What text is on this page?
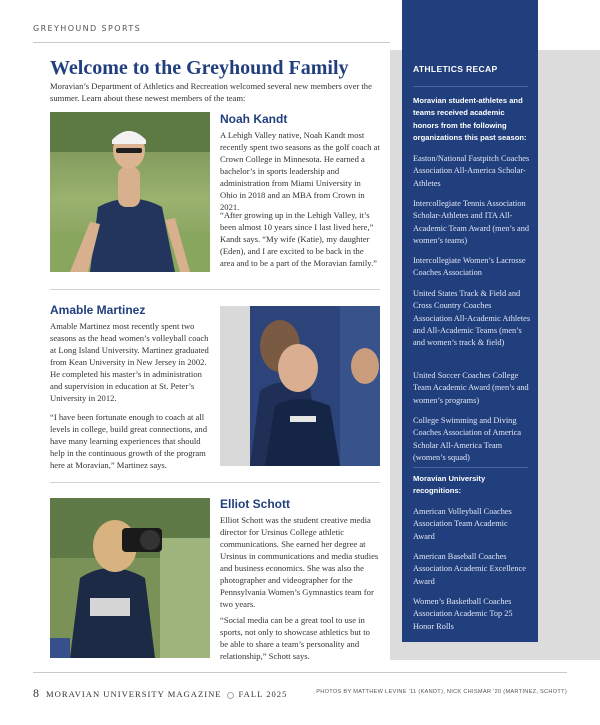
GREYHOUND SPORTS
Welcome to the Greyhound Family

Moravian’s Department of Athletics and Recreation welcomed several new members over the summer. Learn about these newest members of the team:

Noah Kandt

A Lehigh Valley native, Noah Kandt most recently spent two seasons as the golf coach at Crown College in Minnesota. He earned a bachelor’s in sports leadership and administration from Miami University in Ohio in 2018 and an MBA from Crown in 2021.

“After growing up in the Lehigh Valley, it’s been almost 10 years since I last lived here,” Kandt says. “My wife (Katie), my daughter (Eden), and I are excited to be back in the area and to be a part of the Moravian family.”

Amable Martinez

Amable Martinez most recently spent two seasons as the head women’s volleyball coach at Long Island University. Martinez graduated from Kean University in New Jersey in 2002. He completed his master’s in administration and supervision in education at St. Peter’s University in 2012.

“I have been fortunate enough to coach at all levels in college, build great connections, and have many learning experiences that should help in the continuous growth of the program here at Moravian,” Martinez says.

Elliot Schott

Elliot Schott was the student creative media director for Ursinus College athletic communications. She earned her degree at Ursinus in communications and media studies and business economics. She was also the photographer and videographer for the Pennsylvania Women’s Gymnastics team for two years.

“Social media can be a great tool to use in sports, not only to showcase athletics but to be able to share a team’s personality and relationship,” Schott says.

ATHLETICS RECAP

Moravian student-athletes and teams received academic honors from the following organizations this past season:

Easton/National Fastpitch Coaches Association All-America Scholar-Athletes

Intercollegiate Tennis Association Scholar-Athletes and ITA All-Academic Team Award (men’s and women’s teams)

Intercollegiate Women’s Lacrosse Coaches Association

United States Track & Field and Cross Country Coaches Association All-Academic Athletes and All-Academic Teams (men’s and women’s track & field)

United Soccer Coaches College Team Academic Award (men’s and women’s programs)

College Swimming and Diving Coaches Association of America Scholar All-America Team (women’s squad)

Moravian University recognitions:

American Volleyball Coaches Association Team Academic Award

American Baseball Coaches Association Academic Excellence Award

Women’s Basketball Coaches Association Academic Top 25 Honor Rolls

8 MORAVIAN UNIVERSITY MAGAZINE FALL 2025	PHOTOS BY MATTHEW LEVINE ’11 (KANDT), NICK CHISMAR ’20 (MARTINEZ, SCHOTT)
